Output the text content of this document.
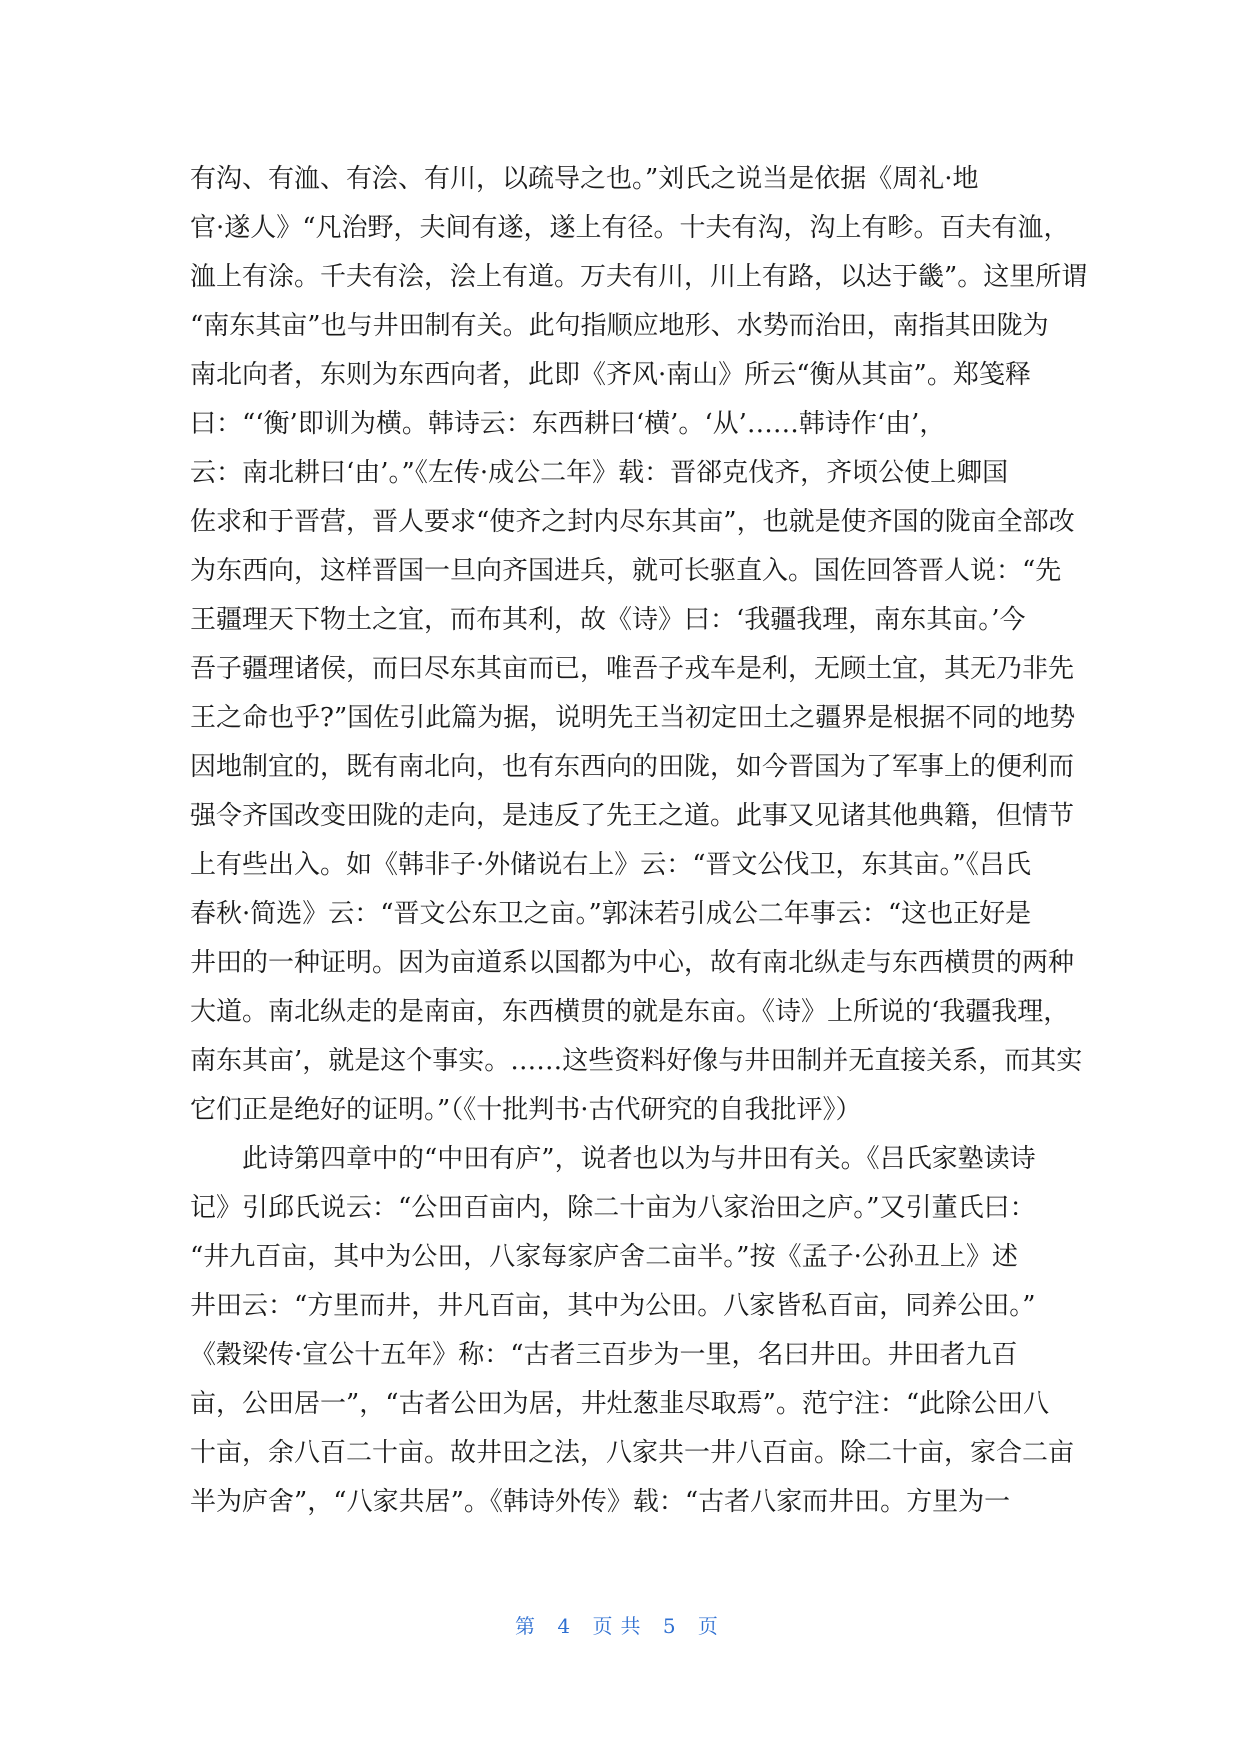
有沟、有洫、有浍、有川，以疏导之也。”刘氏之说当是依据《周礼·地
官·遂人》“凡治野，夫间有遂，遂上有径。十夫有沟，沟上有畛。百夫有洫，
洫上有涂。千夫有浍，浍上有道。万夫有川，川上有路，以达于畿”。这里所谓
“南东其亩”也与井田制有关。此句指顺应地形、水势而治田，南指其田陇为
南北向者，东则为东西向者，此即《齐风·南山》所云“衡从其亩”。郑笺释
曰：“‘衡’即训为横。韩诗云：东西耕曰‘横’。‘从’……韩诗作‘由’，
云：南北耕曰‘由’。”《左传·成公二年》载：晋郤克伐齐，齐顷公使上卿国
佐求和于晋营，晋人要求“使齐之封内尽东其亩”，也就是使齐国的陇亩全部改
为东西向，这样晋国一旦向齐国进兵，就可长驱直入。国佐回答晋人说：“先
王疆理天下物土之宜，而布其利，故《诗》曰：‘我疆我理，南东其亩。’今
吾子疆理诸侯，而曰尽东其亩而已，唯吾子戎车是利，无顾土宜，其无乃非先
王之命也乎?”国佐引此篇为据，说明先王当初定田土之疆界是根据不同的地势
因地制宜的，既有南北向，也有东西向的田陇，如今晋国为了军事上的便利而
强令齐国改变田陇的走向，是违反了先王之道。此事又见诸其他典籍，但情节
上有些出入。如《韩非子·外储说右上》云：“晋文公伐卫，东其亩。”《吕氏
春秋·简选》云：“晋文公东卫之亩。”郭沫若引成公二年事云：“这也正好是
井田的一种证明。因为亩道系以国都为中心，故有南北纵走与东西横贯的两种
大道。南北纵走的是南亩，东西横贯的就是东亩。《诗》上所说的‘我疆我理，
南东其亩’，就是这个事实。……这些资料好像与井田制并无直接关系，而其实
它们正是绝好的证明。”（《十批判书·古代研究的自我批评》）
　　此诗第四章中的“中田有庐”，说者也以为与井田有关。《吕氏家塾读诗
记》引邱氏说云：“公田百亩内，除二十亩为八家治田之庐。”又引董氏曰：
“井九百亩，其中为公田，八家每家庐舍二亩半。”按《孟子·公孙丑上》述
井田云：“方里而井，井凡百亩，其中为公田。八家皆私百亩，同养公田。”
《穀梁传·宣公十五年》称：“古者三百步为一里，名曰井田。井田者九百
亩，公田居一”，“古者公田为居，井灶葱韭尽取焉”。范宁注：“此除公田八
十亩，余八百二十亩。故井田之法，八家共一井八百亩。除二十亩，家合二亩
半为庐舍”，“八家共居”。《韩诗外传》载：“古者八家而井田。方里为一
第 4 页共 5 页
